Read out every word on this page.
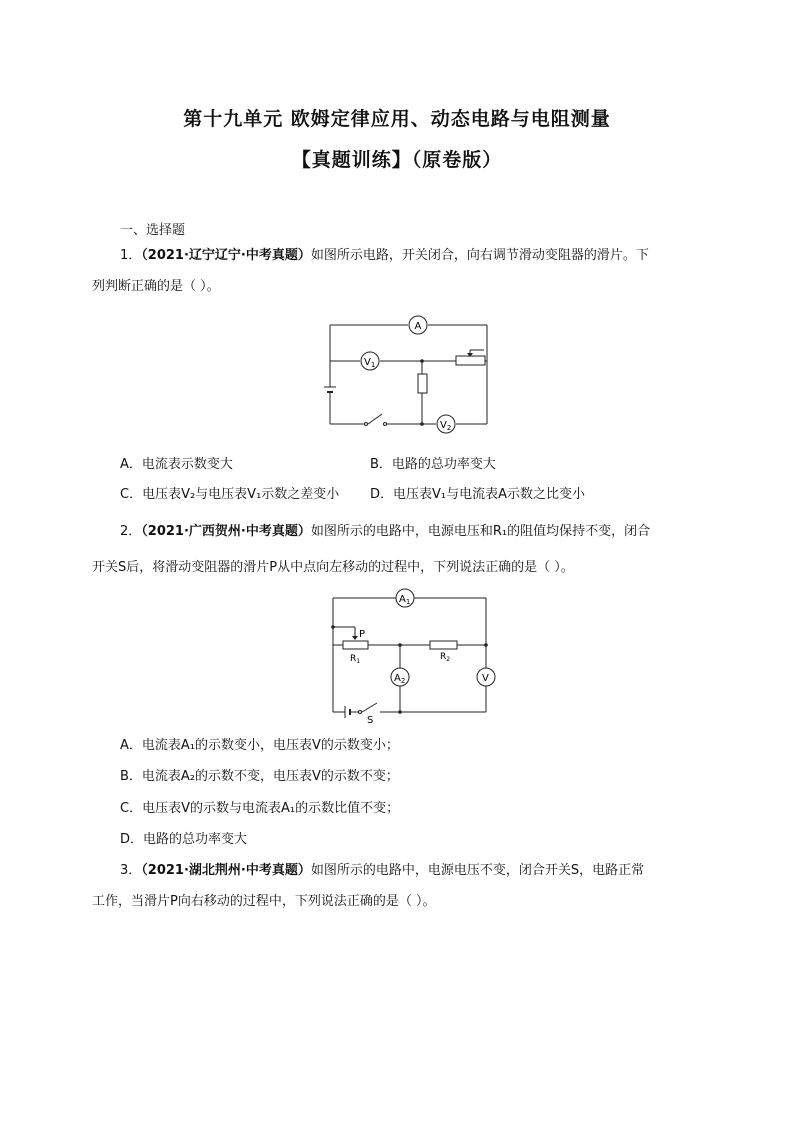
第十九单元 欧姆定律应用、动态电路与电阻测量
【真题训练】（原卷版）
一、选择题
1．（2021·辽宁辽宁·中考真题）如图所示电路，开关闭合，向右调节滑动变阻器的滑片。下
列判断正确的是（ ）。
A
$V_1$
$V_2$
A．电流表示数变大	B．电路的总功率变大
C．电压表V₂与电压表V₁示数之差变小 D．电压表V₁与电流表A示数之比变小
2．（2021·广西贺州·中考真题）如图所示的电路中，电源电压和R₁的阻值均保持不变，闭合
开关S后，将滑动变阻器的滑片P从中点向左移动的过程中，下列说法正确的是（ ）。
$A_1$
$A_2$	V
P
$R_1$	$R_2$
S
A．电流表A₁的示数变小，电压表V的示数变小；
B．电流表A₂的示数不变，电压表V的示数不变；
C．电压表V的示数与电流表A₁的示数比值不变；
D．电路的总功率变大
3．（2021·湖北荆州·中考真题）如图所示的电路中，电源电压不变，闭合开关S，电路正常
工作，当滑片P向右移动的过程中，下列说法正确的是（ ）。
